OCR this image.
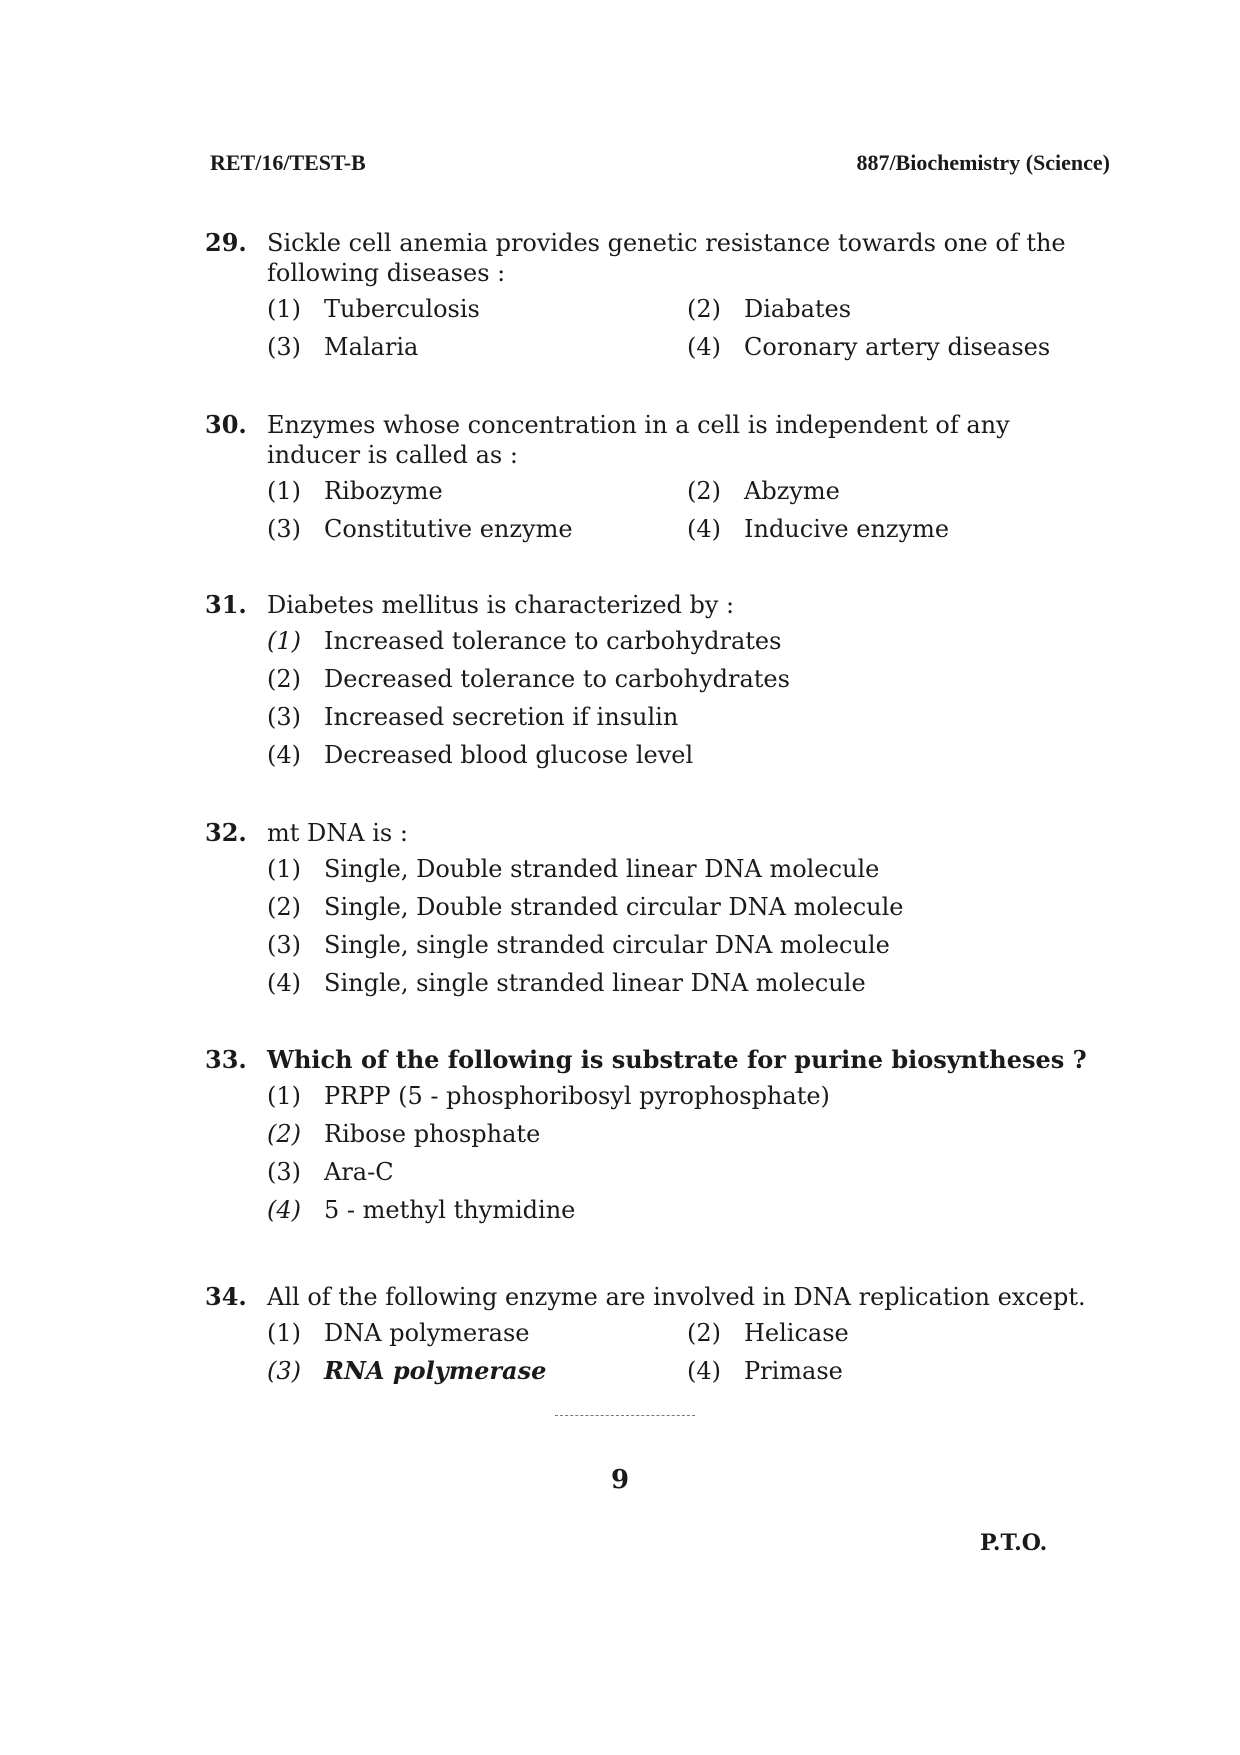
RET/16/TEST-B	887/Biochemistry (Science)
29. Sickle cell anemia provides genetic resistance towards one of the following diseases :
(1) Tuberculosis	(2) Diabates
(3) Malaria	(4) Coronary artery diseases
30. Enzymes whose concentration in a cell is independent of any inducer is called as :
(1) Ribozyme	(2) Abzyme
(3) Constitutive enzyme	(4) Inducive enzyme
31. Diabetes mellitus is characterized by :
(1) Increased tolerance to carbohydrates
(2) Decreased tolerance to carbohydrates
(3) Increased secretion if insulin
(4) Decreased blood glucose level
32. mt DNA is :
(1) Single, Double stranded linear DNA molecule
(2) Single, Double stranded circular DNA molecule
(3) Single, single stranded circular DNA molecule
(4) Single, single stranded linear DNA molecule
33. Which of the following is substrate for purine biosyntheses ?
(1) PRPP (5 - phosphoribosyl pyrophosphate)
(2) Ribose phosphate
(3) Ara-C
(4) 5 - methyl thymidine
34. All of the following enzyme are involved in DNA replication except.
(1) DNA polymerase	(2) Helicase
(3) RNA polymerase	(4) Primase
9
P.T.O.
